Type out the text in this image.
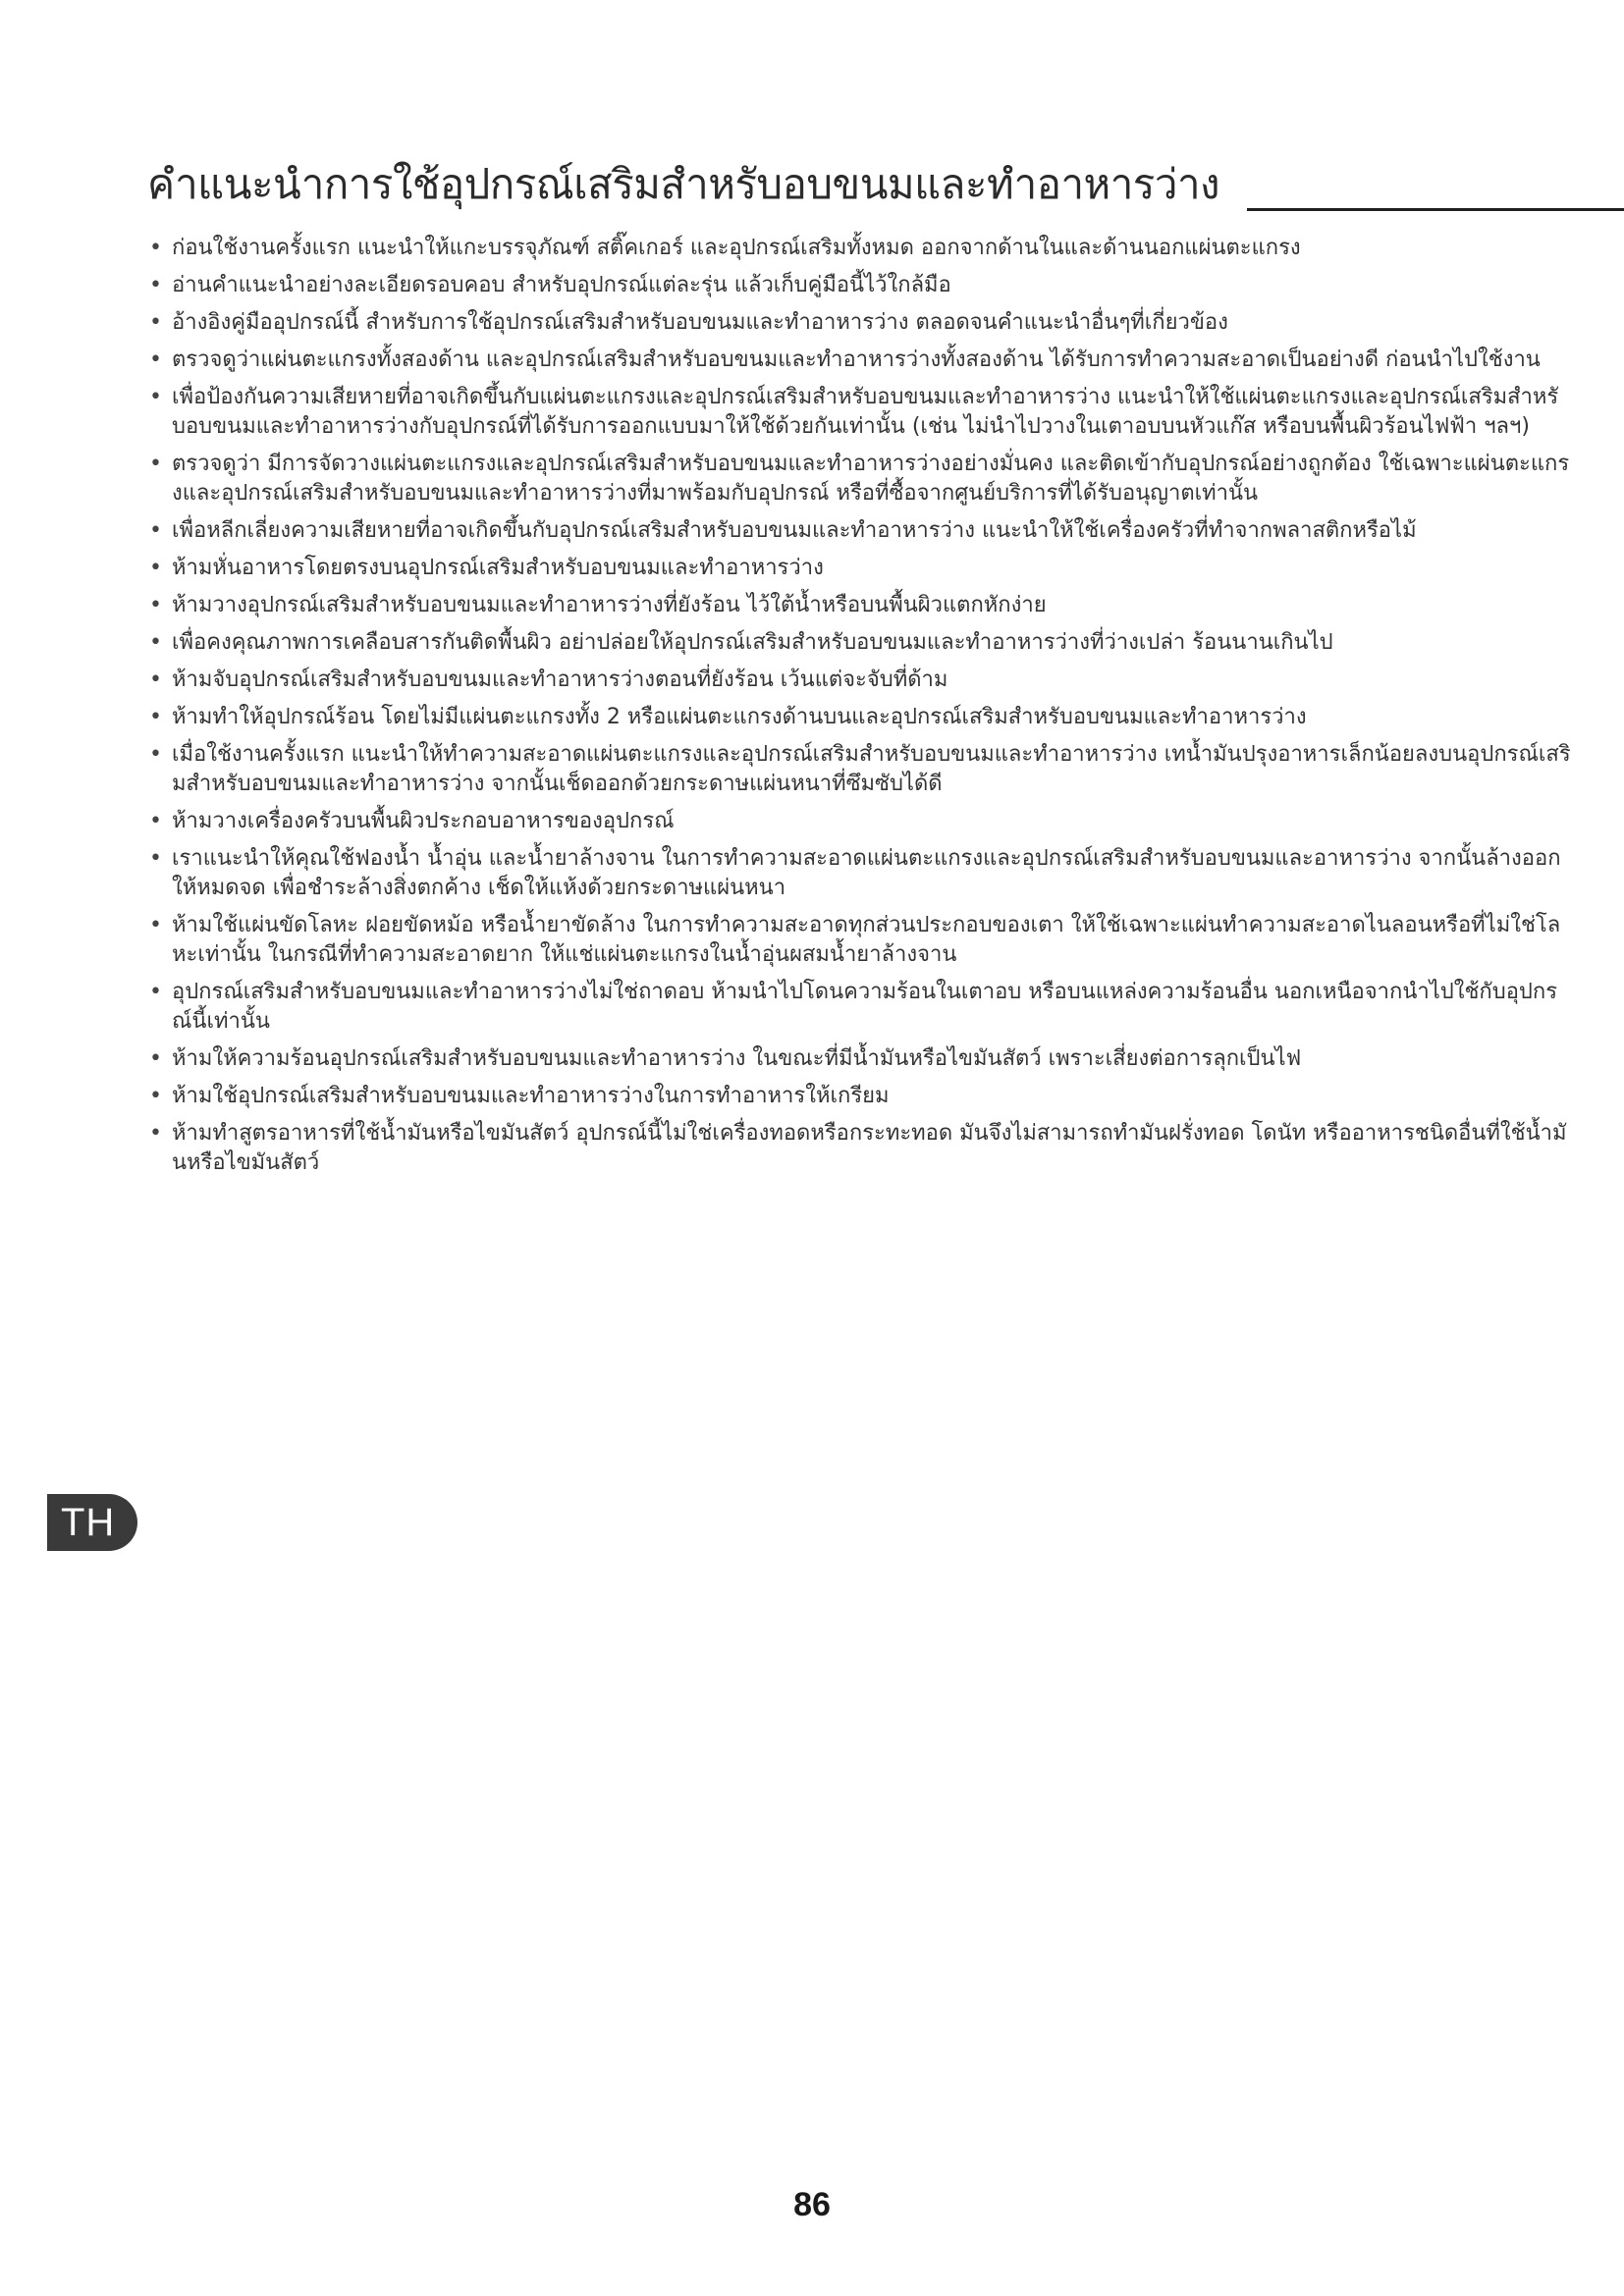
คำแนะนำการใช้อุปกรณ์เสริมสำหรับอบขนมและทำอาหารว่าง
• ก่อนใช้งานครั้งแรก แนะนำให้แกะบรรจุภัณฑ์ สติ๊คเกอร์ และอุปกรณ์เสริมทั้งหมด ออกจากด้านในและด้านนอกแผ่นตะแกรง
• อ่านคำแนะนำอย่างละเอียดรอบคอบ สำหรับอุปกรณ์แต่ละรุ่น แล้วเก็บคู่มือนี้ไว้ใกล้มือ
• อ้างอิงคู่มืออุปกรณ์นี้ สำหรับการใช้อุปกรณ์เสริมสำหรับอบขนมและทำอาหารว่าง ตลอดจนคำแนะนำอื่นๆที่เกี่ยวข้อง
• ตรวจดูว่าแผ่นตะแกรงทั้งสองด้าน และอุปกรณ์เสริมสำหรับอบขนมและทำอาหารว่างทั้งสองด้าน ได้รับการทำความสะอาดเป็นอย่างดี ก่อนนำไปใช้งาน
• เพื่อป้องกันความเสียหายที่อาจเกิดขึ้นกับแผ่นตะแกรงและอุปกรณ์เสริมสำหรับอบขนมและทำอาหารว่าง แนะนำให้ใช้แผ่นตะแกรงและอุปกรณ์เสริมสำหรับอบขนมและทำอาหารว่างกับอุปกรณ์ที่ได้รับการออกแบบมาให้ใช้ด้วยกันเท่านั้น (เช่น ไม่นำไปวางในเตาอบบนหัวแก๊ส หรือบนพื้นผิวร้อนไฟฟ้า ฯลฯ)
• ตรวจดูว่า มีการจัดวางแผ่นตะแกรงและอุปกรณ์เสริมสำหรับอบขนมและทำอาหารว่างอย่างมั่นคง และติดเข้ากับอุปกรณ์อย่างถูกต้อง ใช้เฉพาะแผ่นตะแกรงและอุปกรณ์เสริมสำหรับอบขนมและทำอาหารว่างที่มาพร้อมกับอุปกรณ์ หรือที่ซื้อจากศูนย์บริการที่ได้รับอนุญาตเท่านั้น
• เพื่อหลีกเลี่ยงความเสียหายที่อาจเกิดขึ้นกับอุปกรณ์เสริมสำหรับอบขนมและทำอาหารว่าง แนะนำให้ใช้เครื่องครัวที่ทำจากพลาสติกหรือไม้
• ห้ามหั่นอาหารโดยตรงบนอุปกรณ์เสริมสำหรับอบขนมและทำอาหารว่าง
• ห้ามวางอุปกรณ์เสริมสำหรับอบขนมและทำอาหารว่างที่ยังร้อน ไว้ใต้น้ำหรือบนพื้นผิวแตกหักง่าย
• เพื่อคงคุณภาพการเคลือบสารกันติดพื้นผิว อย่าปล่อยให้อุปกรณ์เสริมสำหรับอบขนมและทำอาหารว่างที่ว่างเปล่า ร้อนนานเกินไป
• ห้ามจับอุปกรณ์เสริมสำหรับอบขนมและทำอาหารว่างตอนที่ยังร้อน เว้นแต่จะจับที่ด้าม
• ห้ามทำให้อุปกรณ์ร้อน โดยไม่มีแผ่นตะแกรงทั้ง 2 หรือแผ่นตะแกรงด้านบนและอุปกรณ์เสริมสำหรับอบขนมและทำอาหารว่าง
• เมื่อใช้งานครั้งแรก แนะนำให้ทำความสะอาดแผ่นตะแกรงและอุปกรณ์เสริมสำหรับอบขนมและทำอาหารว่าง เทน้ำมันปรุงอาหารเล็กน้อยลงบนอุปกรณ์เสริมสำหรับอบขนมและทำอาหารว่าง จากนั้นเช็ดออกด้วยกระดาษแผ่นหนาที่ซึมซับได้ดี
• ห้ามวางเครื่องครัวบนพื้นผิวประกอบอาหารของอุปกรณ์
• เราแนะนำให้คุณใช้ฟองน้ำ น้ำอุ่น และน้ำยาล้างจาน ในการทำความสะอาดแผ่นตะแกรงและอุปกรณ์เสริมสำหรับอบขนมและอาหารว่าง จากนั้นล้างออกให้หมดจด เพื่อชำระล้างสิ่งตกค้าง เช็ดให้แห้งด้วยกระดาษแผ่นหนา
• ห้ามใช้แผ่นขัดโลหะ ฝอยขัดหม้อ หรือน้ำยาขัดล้าง ในการทำความสะอาดทุกส่วนประกอบของเตา ให้ใช้เฉพาะแผ่นทำความสะอาดไนลอนหรือที่ไม่ใช่โลหะเท่านั้น ในกรณีที่ทำความสะอาดยาก ให้แช่แผ่นตะแกรงในน้ำอุ่นผสมน้ำยาล้างจาน
• อุปกรณ์เสริมสำหรับอบขนมและทำอาหารว่างไม่ใช่ถาดอบ ห้ามนำไปโดนความร้อนในเตาอบ หรือบนแหล่งความร้อนอื่น นอกเหนือจากนำไปใช้กับอุปกรณ์นี้เท่านั้น
• ห้ามให้ความร้อนอุปกรณ์เสริมสำหรับอบขนมและทำอาหารว่าง ในขณะที่มีน้ำมันหรือไขมันสัตว์ เพราะเสี่ยงต่อการลุกเป็นไฟ
• ห้ามใช้อุปกรณ์เสริมสำหรับอบขนมและทำอาหารว่างในการทำอาหารให้เกรียม
• ห้ามทำสูตรอาหารที่ใช้น้ำมันหรือไขมันสัตว์ อุปกรณ์นี้ไม่ใช่เครื่องทอดหรือกระทะทอด มันจึงไม่สามารถทำมันฝรั่งทอด โดนัท หรืออาหารชนิดอื่นที่ใช้น้ำมันหรือไขมันสัตว์
TH
86
